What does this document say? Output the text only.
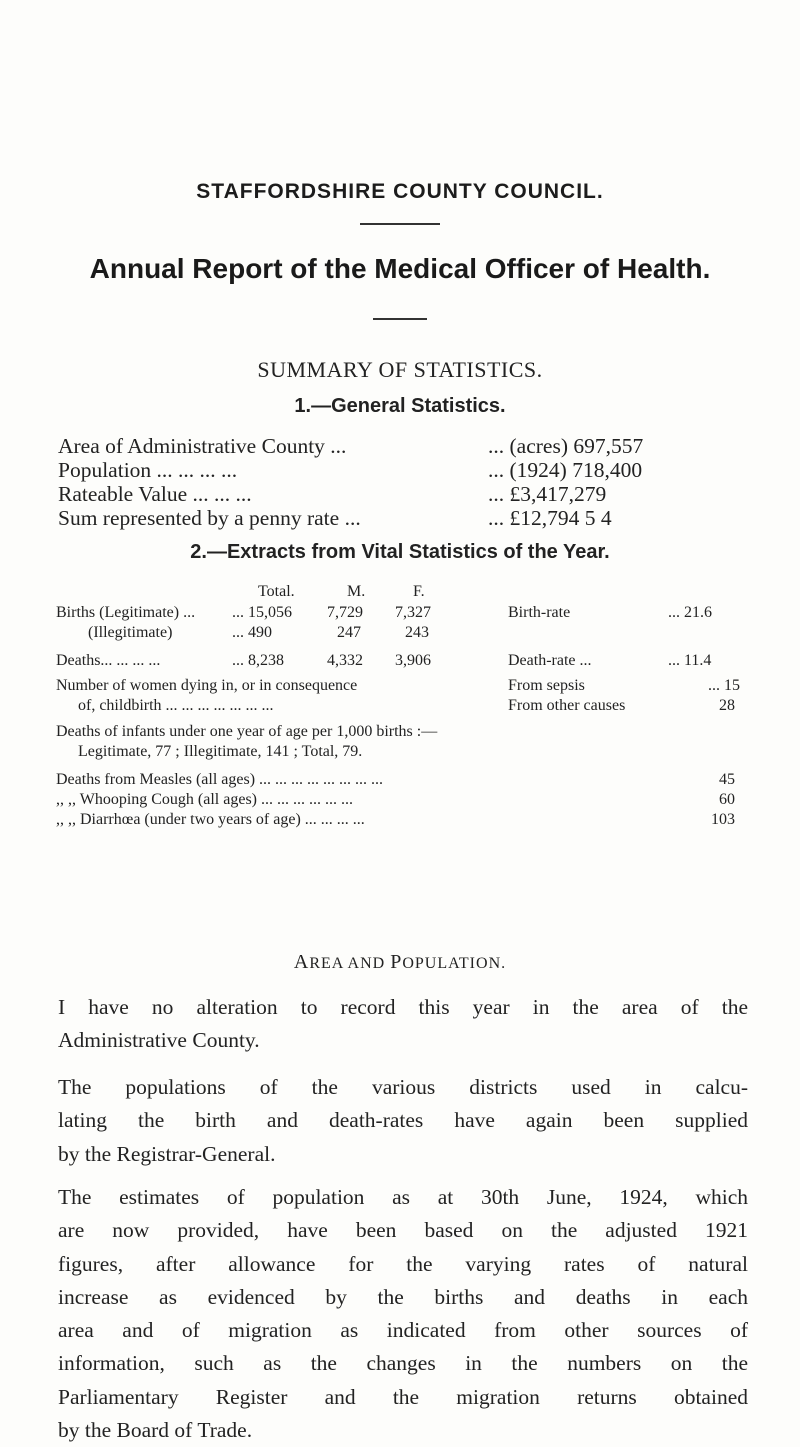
STAFFORDSHIRE COUNTY COUNCIL.
Annual Report of the Medical Officer of Health.
SUMMARY OF STATISTICS.
1.—General Statistics.
Area of Administrative County ...	... (acres) 697,557
Population ... ... ... ...	... (1924) 718,400
Rateable Value ... ... ...	... £3,417,279
Sum represented by a penny rate ...	... £12,794 5 4
2.—Extracts from Vital Statistics of the Year.
Total.	M.	F.
Births (Legitimate) ... ... 15,056 7,729 7,327	Birth-rate	... 21.6
(Illegitimate)	... 490	247	243
Deaths... ... ... ...	... 8,238	4,332 3,906	Death-rate ...	... 11.4
Number of women dying in, or in consequence	From sepsis	... 15
of, childbirth ... ... ... ... ... ... ...	From other causes	28
Deaths of infants under one year of age per 1,000 births :—
Legitimate, 77 ; Illegitimate, 141 ; Total, 79.
Deaths from Measles (all ages) ... ... ... ... ... ... ... ...	45
,, ,, Whooping Cough (all ages) ... ... ... ... ... ...	60
,, ,, Diarrhœa (under two years of age) ... ... ... ...	103
AREA AND POPULATION.
I have no alteration to record this year in the area of the
Administrative County.
The populations of the various districts used in calcu-
lating the birth and death-rates have again been supplied
by the Registrar-General.
The estimates of population as at 30th June, 1924, which
are now provided, have been based on the adjusted 1921
figures, after allowance for the varying rates of natural
increase as evidenced by the births and deaths in each
area and of migration as indicated from other sources of
information, such as the changes in the numbers on the
Parliamentary Register and the migration returns obtained
by the Board of Trade.
